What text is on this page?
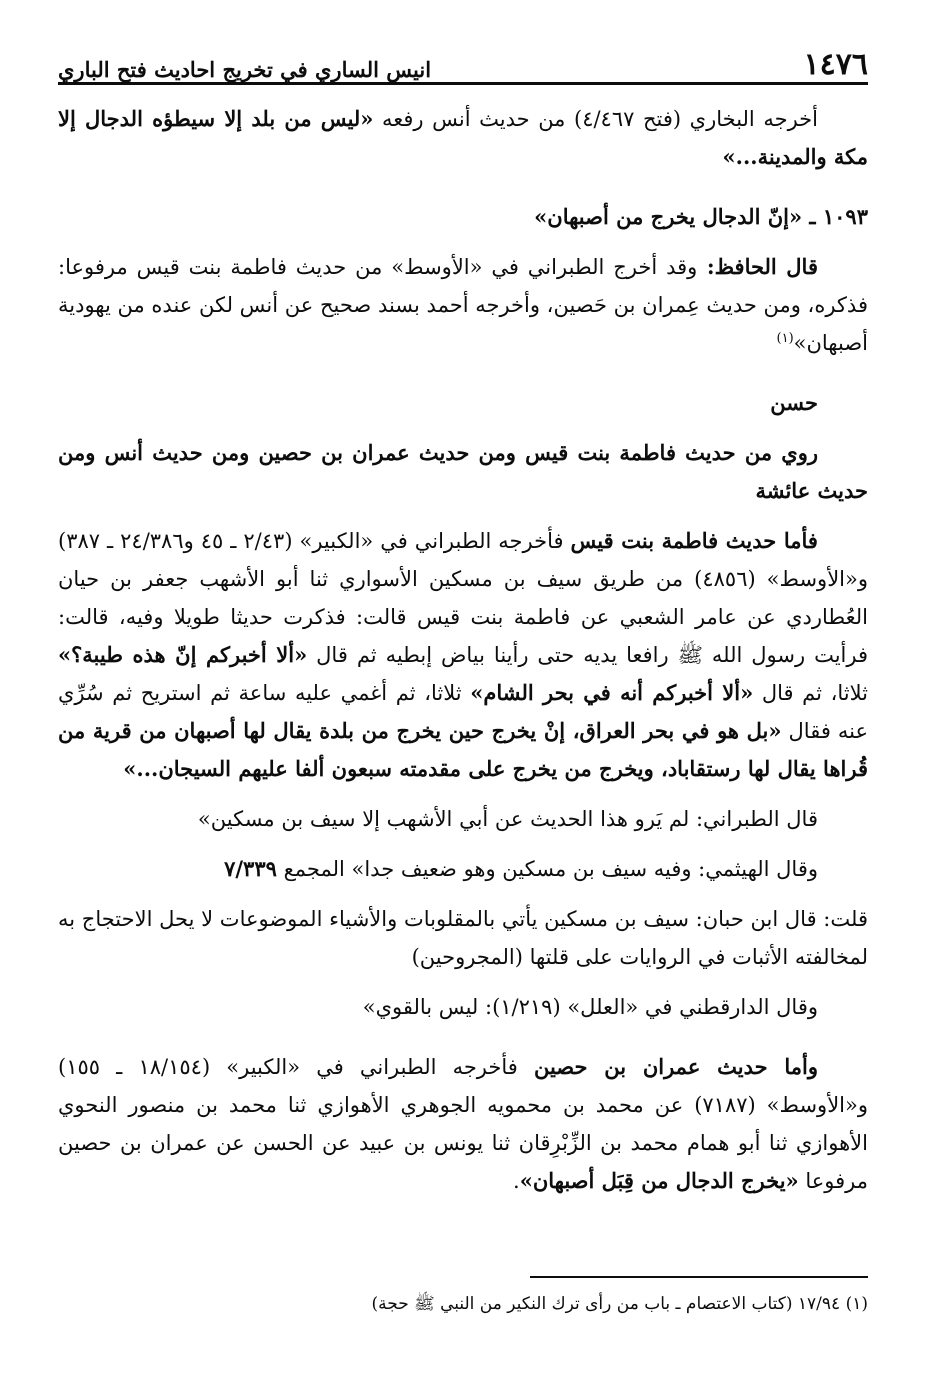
١٤٧٦
انيس الساري في تخريج احاديث فتح الباري

أخرجه البخاري (فتح ٤/٤٦٧) من حديث أنس رفعه «ليس من بلد إلا سيطؤه الدجال إلا مكة والمدينة...»

١٠٩٣ ـ «إنّ الدجال يخرج من أصبهان»

قال الحافظ: وقد أخرج الطبراني في «الأوسط» من حديث فاطمة بنت قيس مرفوعا: فذكره، ومن حديث عِمران بن حَصين، وأخرجه أحمد بسند صحيح عن أنس لكن عنده من يهودية أصبهان»$^{(١)}$

حسن

روي من حديث فاطمة بنت قيس ومن حديث عمران بن حصين ومن حديث أنس ومن حديث عائشة

فأما حديث فاطمة بنت قيس فأخرجه الطبراني في «الكبير» (٢/٤٣ ـ ٤٥ و٢٤/٣٨٦ ـ ٣٨٧) و«الأوسط» (٤٨٥٦) من طريق سيف بن مسكين الأسواري ثنا أبو الأشهب جعفر بن حيان العُطاردي عن عامر الشعبي عن فاطمة بنت قيس قالت: فذكرت حديثا طويلا وفيه، قالت: فرأيت رسول الله ﷺ رافعا يديه حتى رأينا بياض إبطيه ثم قال «ألا أخبركم إنّ هذه طيبة؟» ثلاثا، ثم قال «ألا أخبركم أنه في بحر الشام» ثلاثا، ثم أغمي عليه ساعة ثم استريح ثم سُرِّي عنه فقال «بل هو في بحر العراق، إنْ يخرج حين يخرج من بلدة يقال لها أصبهان من قرية من قُراها يقال لها رستقاباد، ويخرج من يخرج على مقدمته سبعون ألفا عليهم السيجان...»

قال الطبراني: لم يَرو هذا الحديث عن أبي الأشهب إلا سيف بن مسكين»

وقال الهيثمي: وفيه سيف بن مسكين وهو ضعيف جدا» المجمع ٧/٣٣٩

قلت: قال ابن حبان: سيف بن مسكين يأتي بالمقلوبات والأشياء الموضوعات لا يحل الاحتجاج به لمخالفته الأثبات في الروايات على قلتها (المجروحين)

وقال الدارقطني في «العلل» (١/٢١٩): ليس بالقوي»

وأما حديث عمران بن حصين فأخرجه الطبراني في «الكبير» (١٨/١٥٤ ـ ١٥٥) و«الأوسط» (٧١٨٧) عن محمد بن محمويه الجوهري الأهوازي ثنا محمد بن منصور النحوي الأهوازي ثنا أبو همام محمد بن الزِّبْرِقان ثنا يونس بن عبيد عن الحسن عن عمران بن حصين مرفوعا «يخرج الدجال من قِبَل أصبهان».

(١) ١٧/٩٤ (كتاب الاعتصام ـ باب من رأى ترك النكير من النبي ﷺ حجة)
